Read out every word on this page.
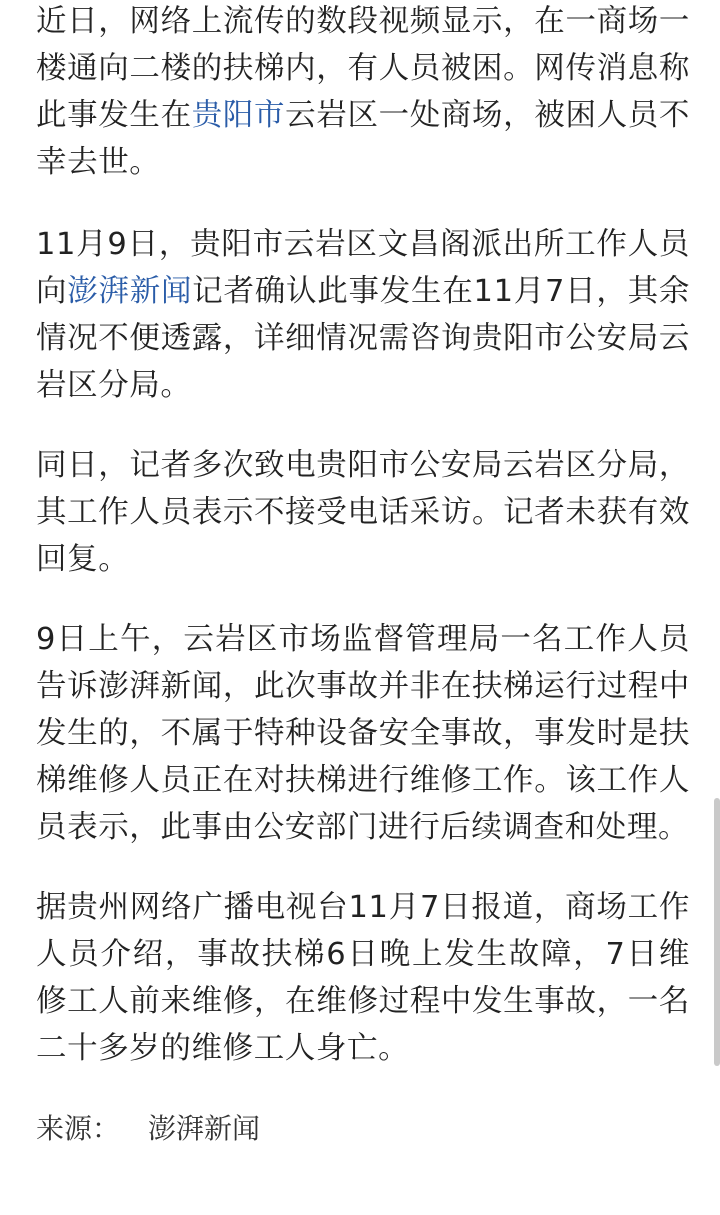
近日，网络上流传的数段视频显示，在一商场一楼通向二楼的扶梯内，有人员被困。网传消息称此事发生在贵阳市云岩区一处商场，被困人员不幸去世。

11月9日，贵阳市云岩区文昌阁派出所工作人员向澎湃新闻记者确认此事发生在11月7日，其余情况不便透露，详细情况需咨询贵阳市公安局云岩区分局。

同日，记者多次致电贵阳市公安局云岩区分局，其工作人员表示不接受电话采访。记者未获有效回复。

9日上午，云岩区市场监督管理局一名工作人员告诉澎湃新闻，此次事故并非在扶梯运行过程中发生的，不属于特种设备安全事故，事发时是扶梯维修人员正在对扶梯进行维修工作。该工作人员表示，此事由公安部门进行后续调查和处理。

据贵州网络广播电视台11月7日报道，商场工作人员介绍，事故扶梯6日晚上发生故障，7日维修工人前来维修，在维修过程中发生事故，一名二十多岁的维修工人身亡。

来源： 澎湃新闻
